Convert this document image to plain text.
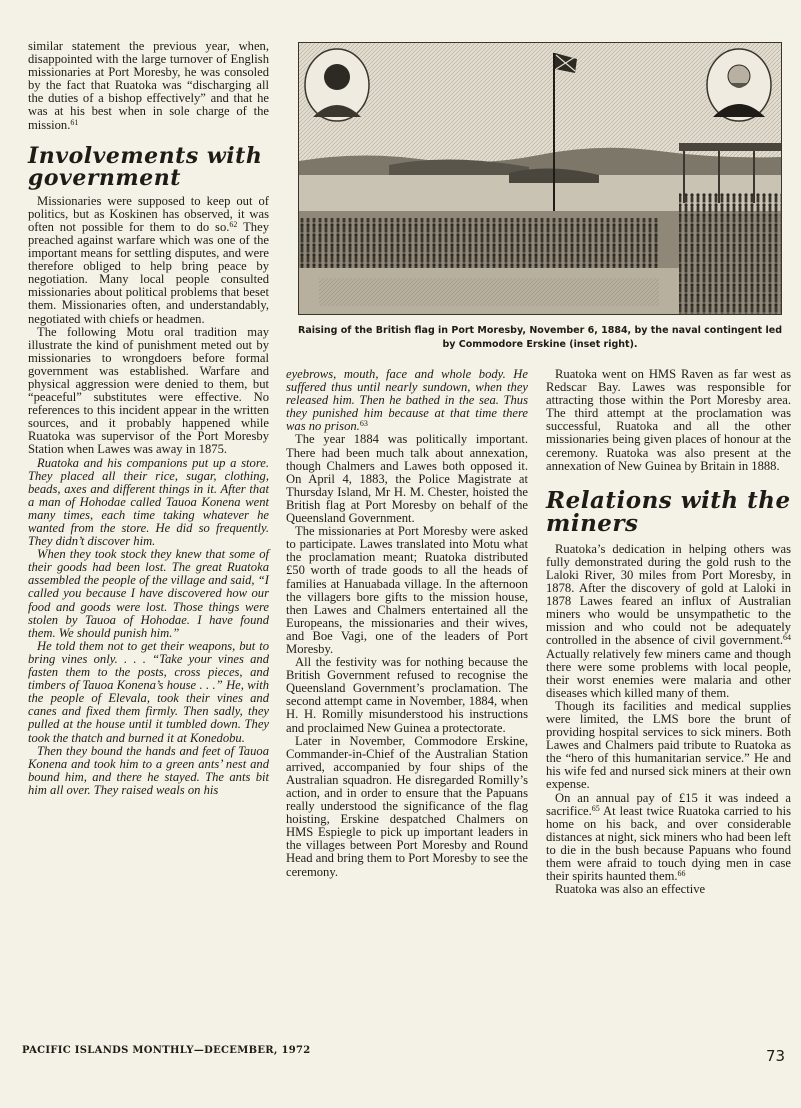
similar statement the previous year, when, disappointed with the large turnover of English missionaries at Port Moresby, he was consoled by the fact that Ruatoka was “discharging all the duties of a bishop effectively” and that he was at his best when in sole charge of the mission.$^{61}$

Involvements with government

Missionaries were supposed to keep out of politics, but as Koskinen has observed, it was often not possible for them to do so.$^{62}$ They preached against warfare which was one of the important means for settling disputes, and were therefore obliged to help bring peace by negotiation. Many local people consulted missionaries about political problems that beset them. Missionaries often, and understandably, negotiated with chiefs or headmen.

The following Motu oral tradition may illustrate the kind of punishment meted out by missionaries to wrongdoers before formal government was established. Warfare and physical aggression were denied to them, but “peaceful” substitutes were effective. No references to this incident appear in the written sources, and it probably happened while Ruatoka was supervisor of the Port Moresby Station when Lawes was away in 1875.

Ruatoka and his companions put up a store. They placed all their rice, sugar, clothing, beads, axes and different things in it. After that a man of Hohodae called Tauoa Konena went many times, each time taking whatever he wanted from the store. He did so frequently. They didn’t discover him.

When they took stock they knew that some of their goods had been lost. The great Ruatoka assembled the people of the village and said, “I called you because I have discovered how our food and goods were lost. Those things were stolen by Tauoa of Hohodae. I have found them. We should punish him.”

He told them not to get their weapons, but to bring vines only. . . . “Take your vines and fasten them to the posts, cross pieces, and timbers of Tauoa Konena’s house . . .” He, with the people of Elevala, took their vines and canes and fixed them firmly. Then sadly, they pulled at the house until it tumbled down. They took the thatch and burned it at Konedobu.

Then they bound the hands and feet of Tauoa Konena and took him to a green ants’ nest and bound him, and there he stayed. The ants bit him all over. They raised weals on his

Raising of the British flag in Port Moresby, November 6, 1884, by the naval contingent led by Commodore Erskine (inset right).

eyebrows, mouth, face and whole body. He suffered thus until nearly sundown, when they released him. Then he bathed in the sea. Thus they punished him because at that time there was no prison.$^{63}$

The year 1884 was politically important. There had been much talk about annexation, though Chalmers and Lawes both opposed it. On April 4, 1883, the Police Magistrate at Thursday Island, Mr H. M. Chester, hoisted the British flag at Port Moresby on behalf of the Queensland Government.

The missionaries at Port Moresby were asked to participate. Lawes translated into Motu what the proclamation meant; Ruatoka distributed £50 worth of trade goods to all the heads of families at Hanuabada village. In the afternoon the villagers bore gifts to the mission house, then Lawes and Chalmers entertained all the Europeans, the missionaries and their wives, and Boe Vagi, one of the leaders of Port Moresby.

All the festivity was for nothing because the British Government refused to recognise the Queensland Government’s proclamation. The second attempt came in November, 1884, when H. H. Romilly misunderstood his instructions and proclaimed New Guinea a protectorate.

Later in November, Commodore Erskine, Commander-in-Chief of the Australian Station arrived, accompanied by four ships of the Australian squadron. He disregarded Romilly’s action, and in order to ensure that the Papuans really understood the significance of the flag hoisting, Erskine despatched Chalmers on HMS Espiegle to pick up important leaders in the villages between Port Moresby and Round Head and bring them to Port Moresby to see the ceremony.

Ruatoka went on HMS Raven as far west as Redscar Bay. Lawes was responsible for attracting those within the Port Moresby area. The third attempt at the proclamation was successful, Ruatoka and all the other missionaries being given places of honour at the ceremony. Ruatoka was also present at the annexation of New Guinea by Britain in 1888.

Relations with the miners

Ruatoka’s dedication in helping others was fully demonstrated during the gold rush to the Laloki River, 30 miles from Port Moresby, in 1878. After the discovery of gold at Laloki in 1878 Lawes feared an influx of Australian miners who would be unsympathetic to the mission and who could not be adequately controlled in the absence of civil government.$^{64}$ Actually relatively few miners came and though there were some problems with local people, their worst enemies were malaria and other diseases which killed many of them.

Though its facilities and medical supplies were limited, the LMS bore the brunt of providing hospital services to sick miners. Both Lawes and Chalmers paid tribute to Ruatoka as the “hero of this humanitarian service.” He and his wife fed and nursed sick miners at their own expense.

On an annual pay of £15 it was indeed a sacrifice.$^{65}$ At least twice Ruatoka carried to his home on his back, and over considerable distances at night, sick miners who had been left to die in the bush because Papuans who found them were afraid to touch dying men in case their spirits haunted them.$^{66}$

Ruatoka was also an effective

PACIFIC ISLANDS MONTHLY—DECEMBER, 1972	73
